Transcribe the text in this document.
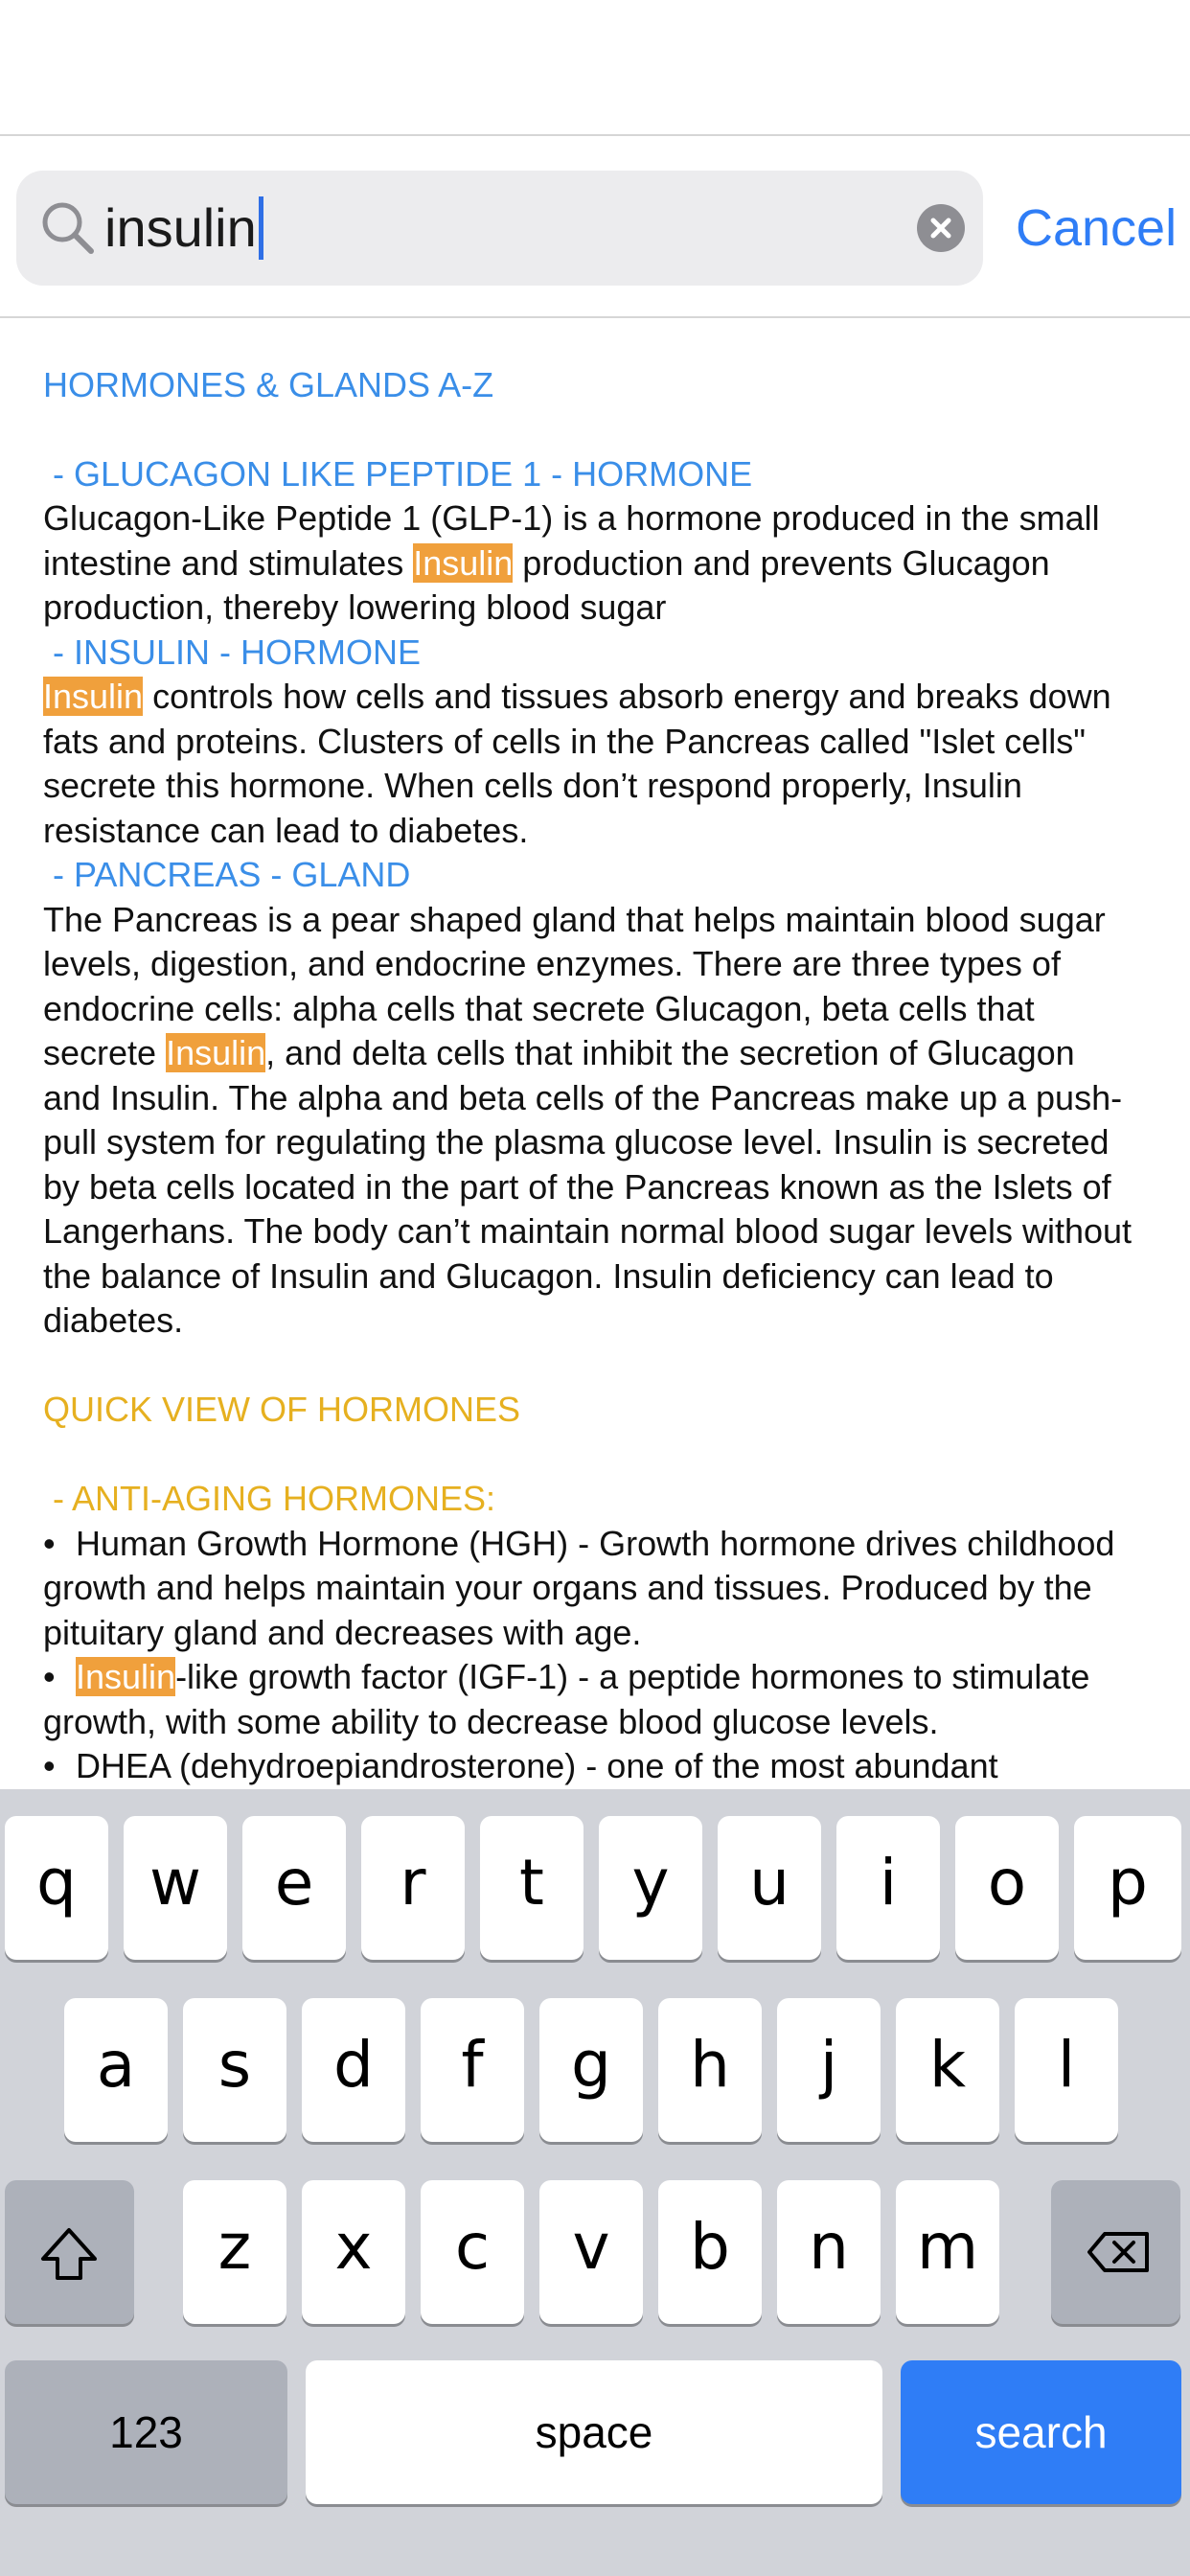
insulin	Cancel

HORMONES & GLANDS A-Z

- GLUCAGON LIKE PEPTIDE 1 - HORMONE

Glucagon-Like Peptide 1 (GLP-1) is a hormone produced in the small

intestine and stimulates Insulin production and prevents Glucagon

production, thereby lowering blood sugar

- INSULIN - HORMONE

Insulin controls how cells and tissues absorb energy and breaks down

fats and proteins. Clusters of cells in the Pancreas called "Islet cells"

secrete this hormone. When cells don’t respond properly, Insulin

resistance can lead to diabetes.

- PANCREAS - GLAND

The Pancreas is a pear shaped gland that helps maintain blood sugar

levels, digestion, and endocrine enzymes. There are three types of

endocrine cells: alpha cells that secrete Glucagon, beta cells that

secrete Insulin, and delta cells that inhibit the secretion of Glucagon

and Insulin. The alpha and beta cells of the Pancreas make up a push-

pull system for regulating the plasma glucose level. Insulin is secreted

by beta cells located in the part of the Pancreas known as the Islets of

Langerhans. The body can’t maintain normal blood sugar levels without

the balance of Insulin and Glucagon. Insulin deficiency can lead to

diabetes.

QUICK VIEW OF HORMONES

- ANTI-AGING HORMONES:

• Human Growth Hormone (HGH) - Growth hormone drives childhood

growth and helps maintain your organs and tissues. Produced by the

pituitary gland and decreases with age.

• Insulin-like growth factor (IGF-1) - a peptide hormones to stimulate

growth, with some ability to decrease blood glucose levels.

• DHEA (dehydroepiandrosterone) - one of the most abundant

q	w	e	r	t	y	u	i	o	p
a	s	d	f	g	h	j	k	l
z	x	c	v	b	n	m
123	space	search
